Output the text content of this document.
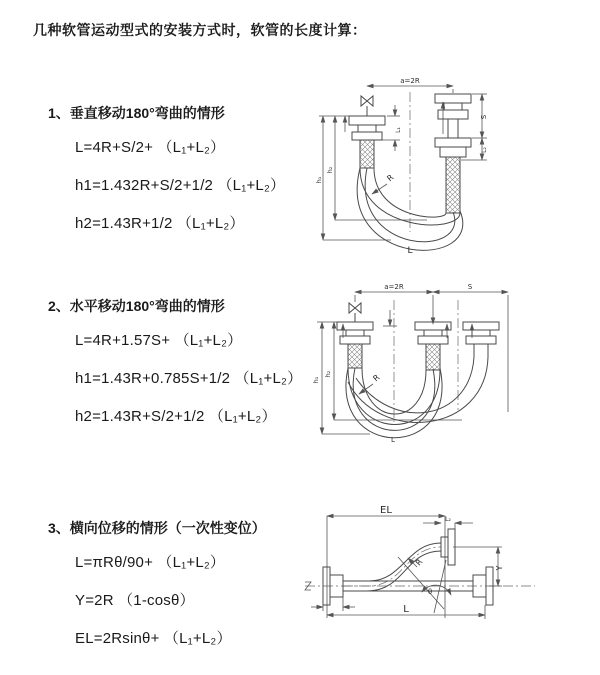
几种软管运动型式的安装方式时，软管的长度计算：
1、垂直移动180°弯曲的情形
L=4R+S/2+ （L₁+L₂）
h1=1.432R+S/2+1/2 （L₁+L₂）
h2=1.43R+1/2 （L₁+L₂）
a=2R
L₁
h₁
h₂
S
L₂
R
L
2、水平移动180°弯曲的情形
L=4R+1.57S+ （L₁+L₂）
h1=1.43R+0.785S+1/2 （L₁+L₂）
h2=1.43R+S/2+1/2 （L₁+L₂）
a=2R	S
h₁
h₂	R
L
3、横向位移的情形（一次性变位）
L=πRθ/90+ （L₁+L₂）
Y=2R （1-cosθ）
EL=2Rsinθ+ （L₁+L₂）
EL
L₂
Y
R
θ
L
